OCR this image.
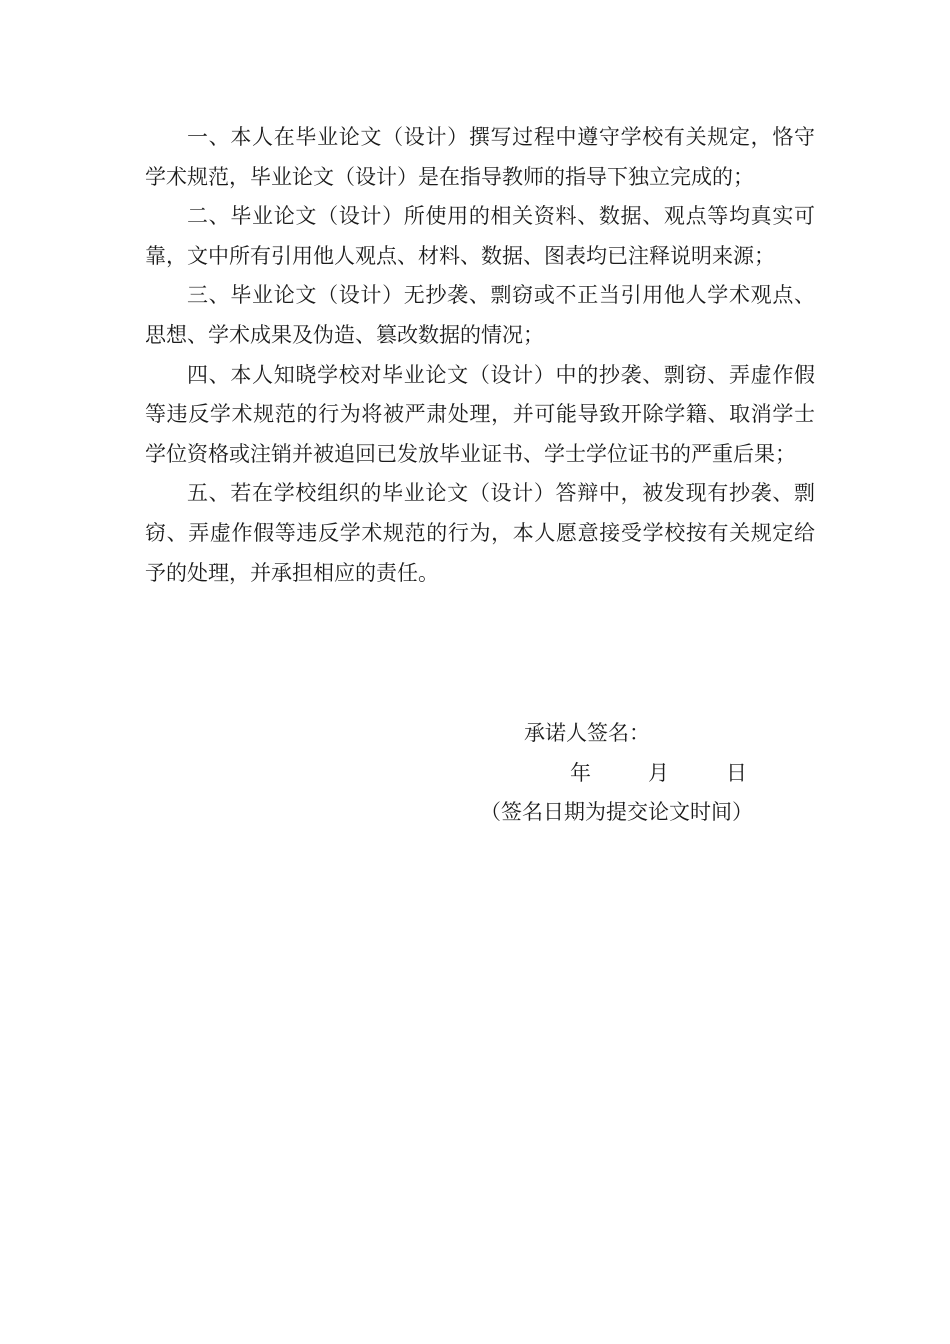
一、本人在毕业论文（设计）撰写过程中遵守学校有关规定，恪守学术规范，毕业论文（设计）是在指导教师的指导下独立完成的；

二、毕业论文（设计）所使用的相关资料、数据、观点等均真实可靠，文中所有引用他人观点、材料、数据、图表均已注释说明来源；

三、毕业论文（设计）无抄袭、剽窃或不正当引用他人学术观点、思想、学术成果及伪造、篡改数据的情况；

四、本人知晓学校对毕业论文（设计）中的抄袭、剽窃、弄虚作假等违反学术规范的行为将被严肃处理，并可能导致开除学籍、取消学士学位资格或注销并被追回已发放毕业证书、学士学位证书的严重后果；

五、若在学校组织的毕业论文（设计）答辩中，被发现有抄袭、剽窃、弄虚作假等违反学术规范的行为，本人愿意接受学校按有关规定给予的处理，并承担相应的责任。

承诺人签名：
年	月	日
（签名日期为提交论文时间）
